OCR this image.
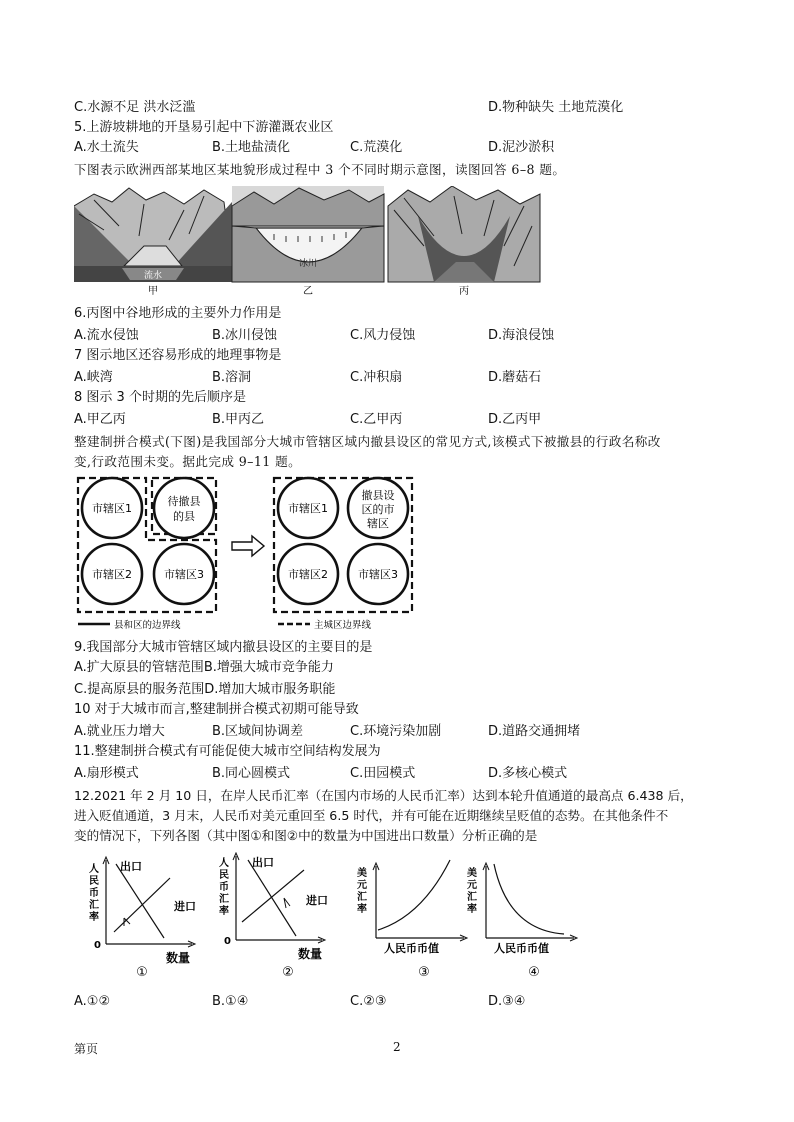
C.水源不足 洪水泛滥	D.物种缺失 土地荒漠化
5.上游坡耕地的开垦易引起中下游灌溉农业区
A.水土流失	B.土地盐渍化	C.荒漠化	D.泥沙淤积
下图表示欧洲西部某地区某地貌形成过程中 3 个不同时期示意图，读图回答 6–8 题。
流水
冰川
甲	乙	丙
6.丙图中谷地形成的主要外力作用是
A.流水侵蚀	B.冰川侵蚀	C.风力侵蚀	D.海浪侵蚀
7 图示地区还容易形成的地理事物是
A.峡湾	B.溶洞	C.冲积扇	D.蘑菇石
8 图示 3 个时期的先后顺序是
A.甲乙丙	B.甲丙乙	C.乙甲丙	D.乙丙甲
整建制拼合模式(下图)是我国部分大城市管辖区域内撤县设区的常见方式,该模式下被撤县的行政名称改
变,行政范围未变。据此完成 9–11 题。
市辖区1
待撤县
的县
市辖区2	市辖区3
市辖区1
撤县设
区的市
辖区
市辖区2	市辖区3
县和区的边界线	主城区边界线
9.我国部分大城市管辖区域内撤县设区的主要目的是
A.扩大原县的管辖范围B.增强大城市竞争能力
C.提高原县的服务范围D.增加大城市服务职能
10 对于大城市而言,整建制拼合模式初期可能导致
A.就业压力增大	B.区域间协调差	C.环境污染加剧	D.道路交通拥堵
11.整建制拼合模式有可能促使大城市空间结构发展为
A.扇形模式	B.同心圆模式	C.田园模式	D.多核心模式
12.2021 年 2 月 10 日，在岸人民币汇率（在国内市场的人民币汇率）达到本轮升值通道的最高点 6.438 后，
进入贬值通道，3 月末，人民币对美元重回至 6.5 时代，并有可能在近期继续呈贬值的态势。在其他条件不
变的情况下，下列各图（其中图①和图②中的数量为中国进出口数量）分析正确的是
人
民
币
汇
率
0
出口
进口
数量
①
人
民
币
汇
率
0
出口
进口
数量
②
美
元
汇
率
人民币币值
③
美
元
汇
率
人民币币值
④
A.①②	B.①④	C.②③	D.③④
第页	2
